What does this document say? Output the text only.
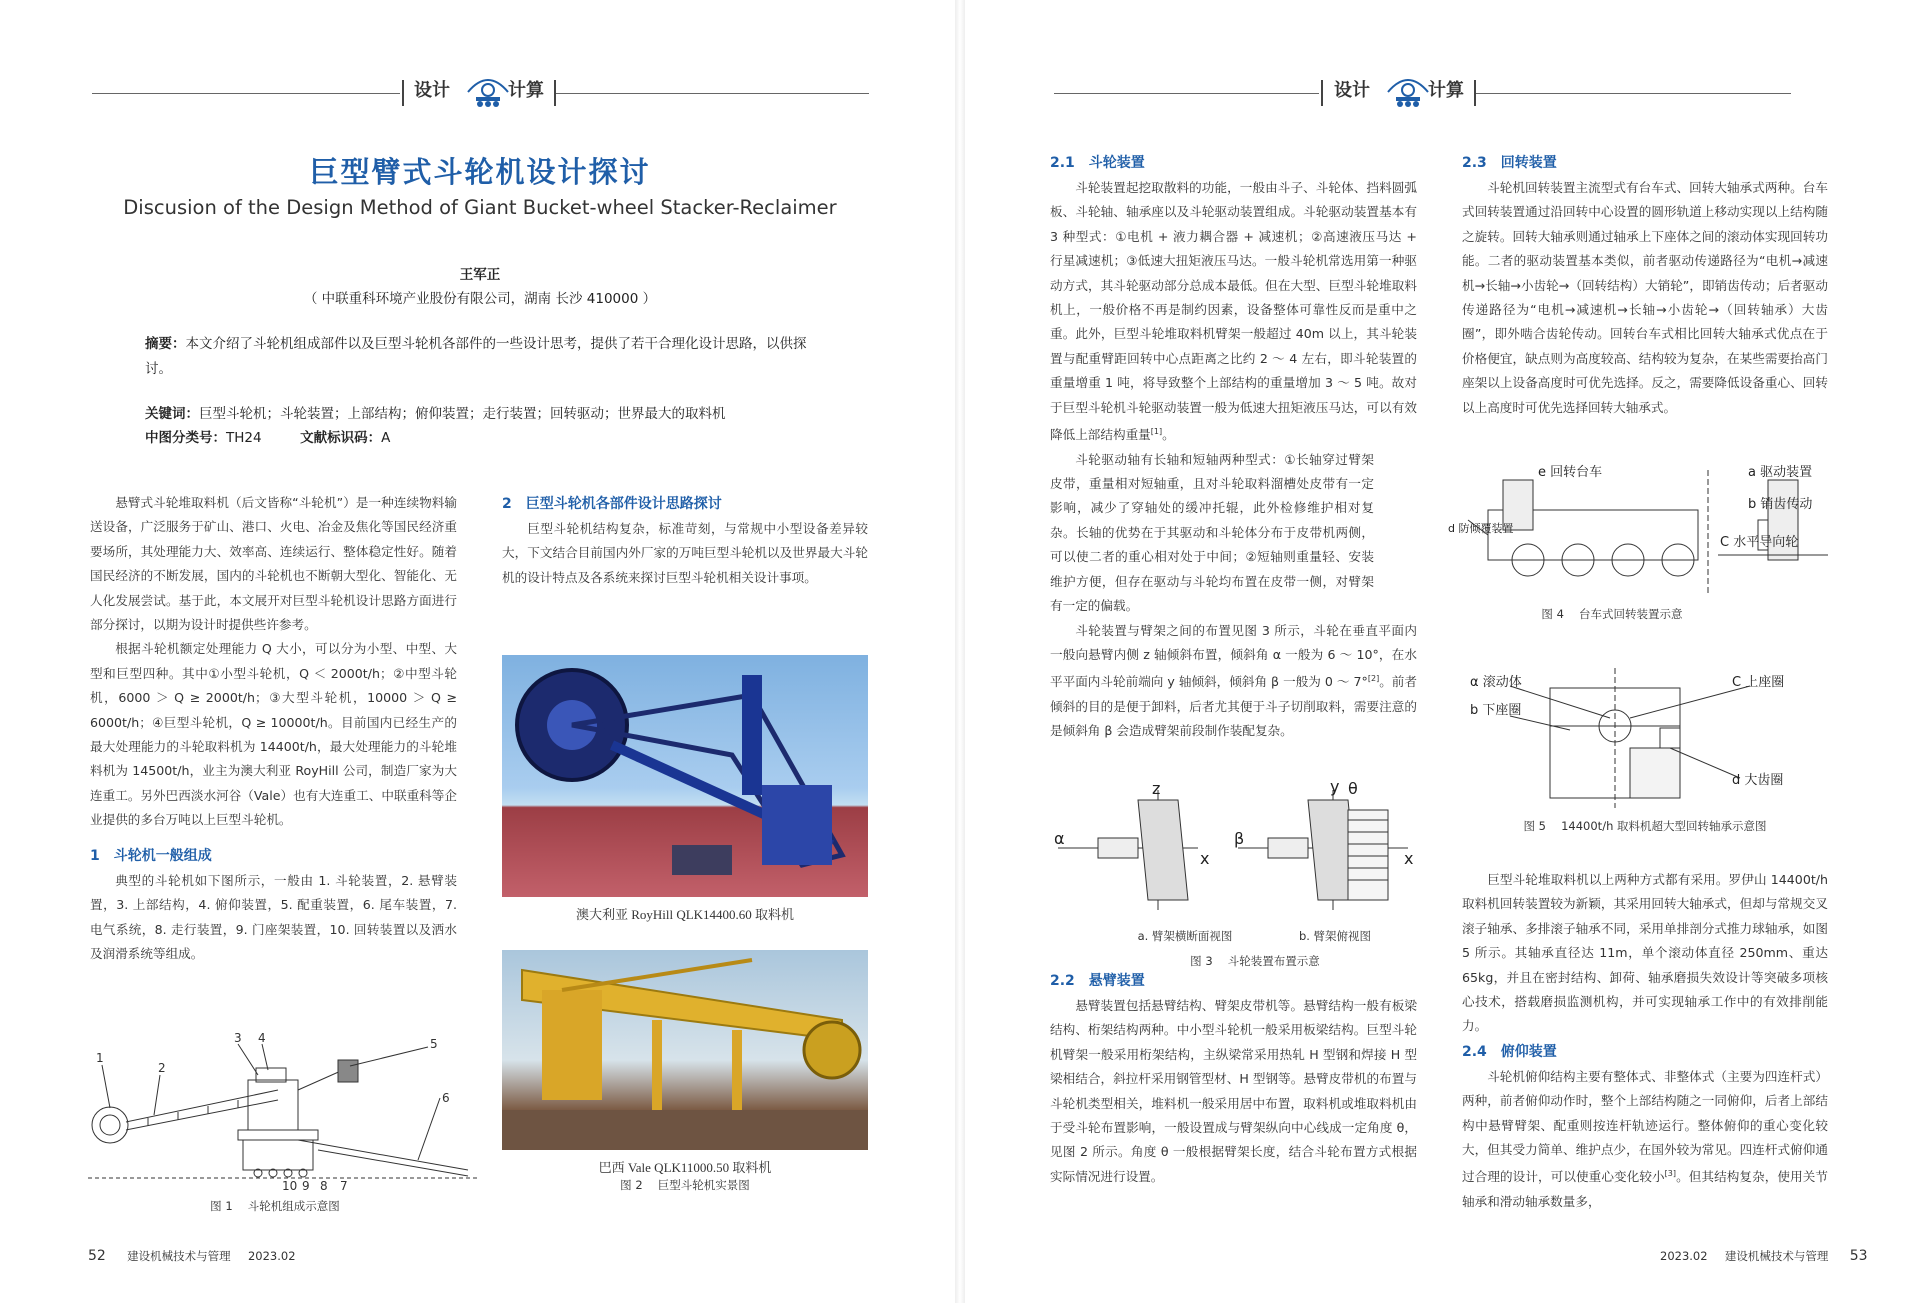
设计	计算
巨型臂式斗轮机设计探讨
Discusion of the Design Method of Giant Bucket-wheel Stacker-Reclaimer
王军正
（ 中联重科环境产业股份有限公司，湖南 长沙 410000 ）
摘要：本文介绍了斗轮机组成部件以及巨型斗轮机各部件的一些设计思考，提供了若干合理化设计思路，以供探讨。
关键词：巨型斗轮机；斗轮装置；上部结构；俯仰装置；走行装置；回转驱动；世界最大的取料机
中图分类号：TH24	文献标识码：A

悬臂式斗轮堆取料机（后文皆称“斗轮机”）是一种连续物料输送设备，广泛服务于矿山、港口、火电、冶金及焦化等国民经济重要场所，其处理能力大、效率高、连续运行、整体稳定性好。随着国民经济的不断发展，国内的斗轮机也不断朝大型化、智能化、无人化发展尝试。基于此，本文展开对巨型斗轮机设计思路方面进行部分探讨，以期为设计时提供些许参考。

根据斗轮机额定处理能力 Q 大小，可以分为小型、中型、大型和巨型四种。其中①小型斗轮机，Q ＜ 2000t/h；②中型斗轮机，6000 ＞ Q ≥ 2000t/h；③大型斗轮机，10000 ＞ Q ≥ 6000t/h；④巨型斗轮机，Q ≥ 10000t/h。目前国内已经生产的最大处理能力的斗轮取料机为 14400t/h，最大处理能力的斗轮堆料机为 14500t/h，业主为澳大利亚 RoyHill 公司，制造厂家为大连重工。另外巴西淡水河谷（Vale）也有大连重工、中联重科等企业提供的多台万吨以上巨型斗轮机。

1　斗轮机一般组成

典型的斗轮机如下图所示，一般由 1. 斗轮装置，2. 悬臂装置，3. 上部结构，4. 俯仰装置，5. 配重装置，6. 尾车装置，7. 电气系统，8. 走行装置，9. 门座架装置，10. 回转装置以及洒水及润滑系统等组成。

1
2
3 4	5
6
10 9 8 7
图 1　 斗轮机组成示意图
2　巨型斗轮机各部件设计思路探讨

巨型斗轮机结构复杂，标准苛刻，与常规中小型设备差异较大，下文结合目前国内外厂家的万吨巨型斗轮机以及世界最大斗轮机的设计特点及各系统来探讨巨型斗轮机相关设计事项。

澳大利亚 RoyHill QLK14400.60 取料机
巴西 Vale QLK11000.50 取料机
图 2　 巨型斗轮机实景图
52 建设机械技术与管理 2023.02
设计	计算
2.1　斗轮装置

斗轮装置起挖取散料的功能，一般由斗子、斗轮体、挡料圆弧板、斗轮轴、轴承座以及斗轮驱动装置组成。斗轮驱动装置基本有 3 种型式：①电机 + 液力耦合器 + 减速机；②高速液压马达 + 行星减速机；③低速大扭矩液压马达。一般斗轮机常选用第一种驱动方式，其斗轮驱动部分总成本最低。但在大型、巨型斗轮堆取料机上，一般价格不再是制约因素，设备整体可靠性反而是重中之重。此外，巨型斗轮堆取料机臂架一般超过 40m 以上，其斗轮装置与配重臂距回转中心点距离之比约 2 ～ 4 左右，即斗轮装置的重量增重 1 吨，将导致整个上部结构的重量增加 3 ～ 5 吨。故对于巨型斗轮机斗轮驱动装置一般为低速大扭矩液压马达，可以有效降低上部结构重量[1]。

斗轮驱动轴有长轴和短轴两种型式：①长轴穿过臂架皮带，重量相对短轴重，且对斗轮取料溜槽处皮带有一定影响，减少了穿轴处的缓冲托辊，此外检修维护相对复杂。长轴的优势在于其驱动和斗轮体分布于皮带机两侧，可以使二者的重心相对处于中间；②短轴则重量轻、安装维护方便，但存在驱动与斗轮均布置在皮带一侧，对臂架有一定的偏载。

斗轮装置与臂架之间的布置见图 3 所示，斗轮在垂直平面内一般向悬臂内侧 z 轴倾斜布置，倾斜角 α 一般为 6 ～ 10°，在水平平面内斗轮前端向 y 轴倾斜，倾斜角 β 一般为 0 ～ 7°[2]。前者倾斜的目的是便于卸料，后者尤其便于斗子切削取料，需要注意的是倾斜角 β 会造成臂架前段制作装配复杂。

z
α
x
β
y θ
x
a. 臂架横断面视图	b. 臂架俯视图
图 3　 斗轮装置布置示意
2.2　悬臂装置

悬臂装置包括悬臂结构、臂架皮带机等。悬臂结构一般有板梁结构、桁架结构两种。中小型斗轮机一般采用板梁结构。巨型斗轮机臂架一般采用桁架结构，主纵梁常采用热轧 H 型钢和焊接 H 型梁相结合，斜拉杆采用钢管型材、H 型钢等。悬臂皮带机的布置与斗轮机类型相关，堆料机一般采用居中布置，取料机或堆取料机由于受斗轮布置影响，一般设置成与臂架纵向中心线成一定角度 θ，见图 2 所示。角度 θ 一般根据臂架长度，结合斗轮布置方式根据实际情况进行设置。

2.3　回转装置

斗轮机回转装置主流型式有台车式、回转大轴承式两种。台车式回转装置通过沿回转中心设置的圆形轨道上移动实现以上结构随之旋转。回转大轴承则通过轴承上下座体之间的滚动体实现回转功能。二者的驱动装置基本类似，前者驱动传递路径为“电机→减速机→长轴→小齿轮→（回转结构）大销轮”，即销齿传动；后者驱动传递路径为“电机→减速机→长轴→小齿轮→（回转轴承）大齿圈”，即外啮合齿轮传动。回转台车式相比回转大轴承式优点在于价格便宜，缺点则为高度较高、结构较为复杂，在某些需要抬高门座架以上设备高度时可优先选择。反之，需要降低设备重心、回转以上高度时可优先选择回转大轴承式。

e 回转台车	a 驱动装置
b 销齿传动
C 水平导向轮
d 防倾覆装置
图 4　 台车式回转装置示意
α 滚动体
b 下座圈
C 上座圈
d 大齿圈
图 5　 14400t/h 取料机超大型回转轴承示意图

巨型斗轮堆取料机以上两种方式都有采用。罗伊山 14400t/h 取料机回转装置较为新颖，其采用回转大轴承式，但却与常规交叉滚子轴承、多排滚子轴承不同，采用单排剖分式推力球轴承，如图 5 所示。其轴承直径达 11m，单个滚动体直径 250mm、重达 65kg，并且在密封结构、卸荷、轴承磨损失效设计等突破多项核心技术，搭载磨损监测机构，并可实现轴承工作中的有效排削能力。

2.4　俯仰装置

斗轮机俯仰结构主要有整体式、非整体式（主要为四连杆式）两种，前者俯仰动作时，整个上部结构随之一同俯仰，后者上部结构中悬臂臂架、配重则按连杆轨迹运行。整体俯仰的重心变化较大，但其受力简单、维护点少，在国外较为常见。四连杆式俯仰通过合理的设计，可以使重心变化较小[3]。但其结构复杂，使用关节轴承和滑动轴承数量多，

2023.02 建设机械技术与管理 53
